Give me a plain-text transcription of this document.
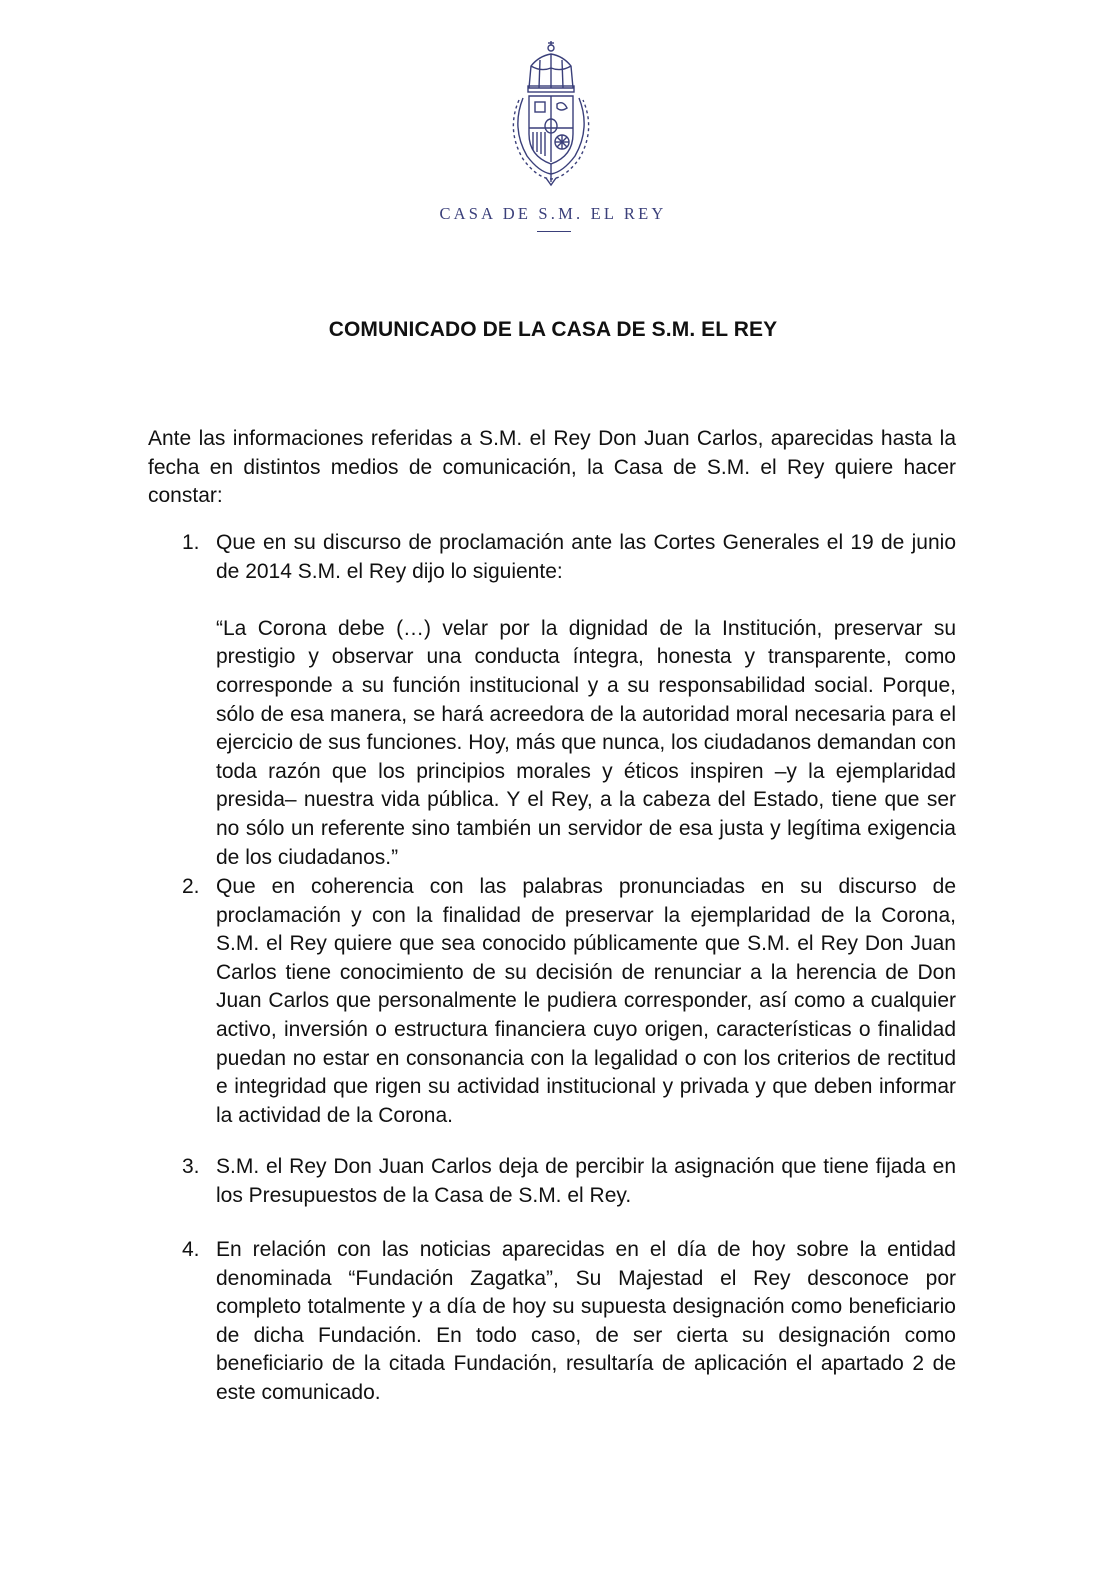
CASA DE S.M. EL REY
COMUNICADO DE LA CASA DE S.M. EL REY

Ante las informaciones referidas a S.M. el Rey Don Juan Carlos, aparecidas hasta la fecha en distintos medios de comunicación, la Casa de S.M. el Rey quiere hacer constar:

1. Que en su discurso de proclamación ante las Cortes Generales el 19 de junio de 2014 S.M. el Rey dijo lo siguiente:

“La Corona debe (…) velar por la dignidad de la Institución, preservar su prestigio y observar una conducta íntegra, honesta y transparente, como corresponde a su función institucional y a su responsabilidad social. Porque, sólo de esa manera, se hará acreedora de la autoridad moral necesaria para el ejercicio de sus funciones. Hoy, más que nunca, los ciudadanos demandan con toda razón que los principios morales y éticos inspiren –y la ejemplaridad presida– nuestra vida pública. Y el Rey, a la cabeza del Estado, tiene que ser no sólo un referente sino también un servidor de esa justa y legítima exigencia de los ciudadanos.”

2. Que en coherencia con las palabras pronunciadas en su discurso de proclamación y con la finalidad de preservar la ejemplaridad de la Corona, S.M. el Rey quiere que sea conocido públicamente que S.M. el Rey Don Juan Carlos tiene conocimiento de su decisión de renunciar a la herencia de Don Juan Carlos que personalmente le pudiera corresponder, así como a cualquier activo, inversión o estructura financiera cuyo origen, características o finalidad puedan no estar en consonancia con la legalidad o con los criterios de rectitud e integridad que rigen su actividad institucional y privada y que deben informar la actividad de la Corona.

3. S.M. el Rey Don Juan Carlos deja de percibir la asignación que tiene fijada en los Presupuestos de la Casa de S.M. el Rey.

4. En relación con las noticias aparecidas en el día de hoy sobre la entidad denominada “Fundación Zagatka”, Su Majestad el Rey desconoce por completo totalmente y a día de hoy su supuesta designación como beneficiario de dicha Fundación. En todo caso, de ser cierta su designación como beneficiario de la citada Fundación, resultaría de aplicación el apartado 2 de este comunicado.
